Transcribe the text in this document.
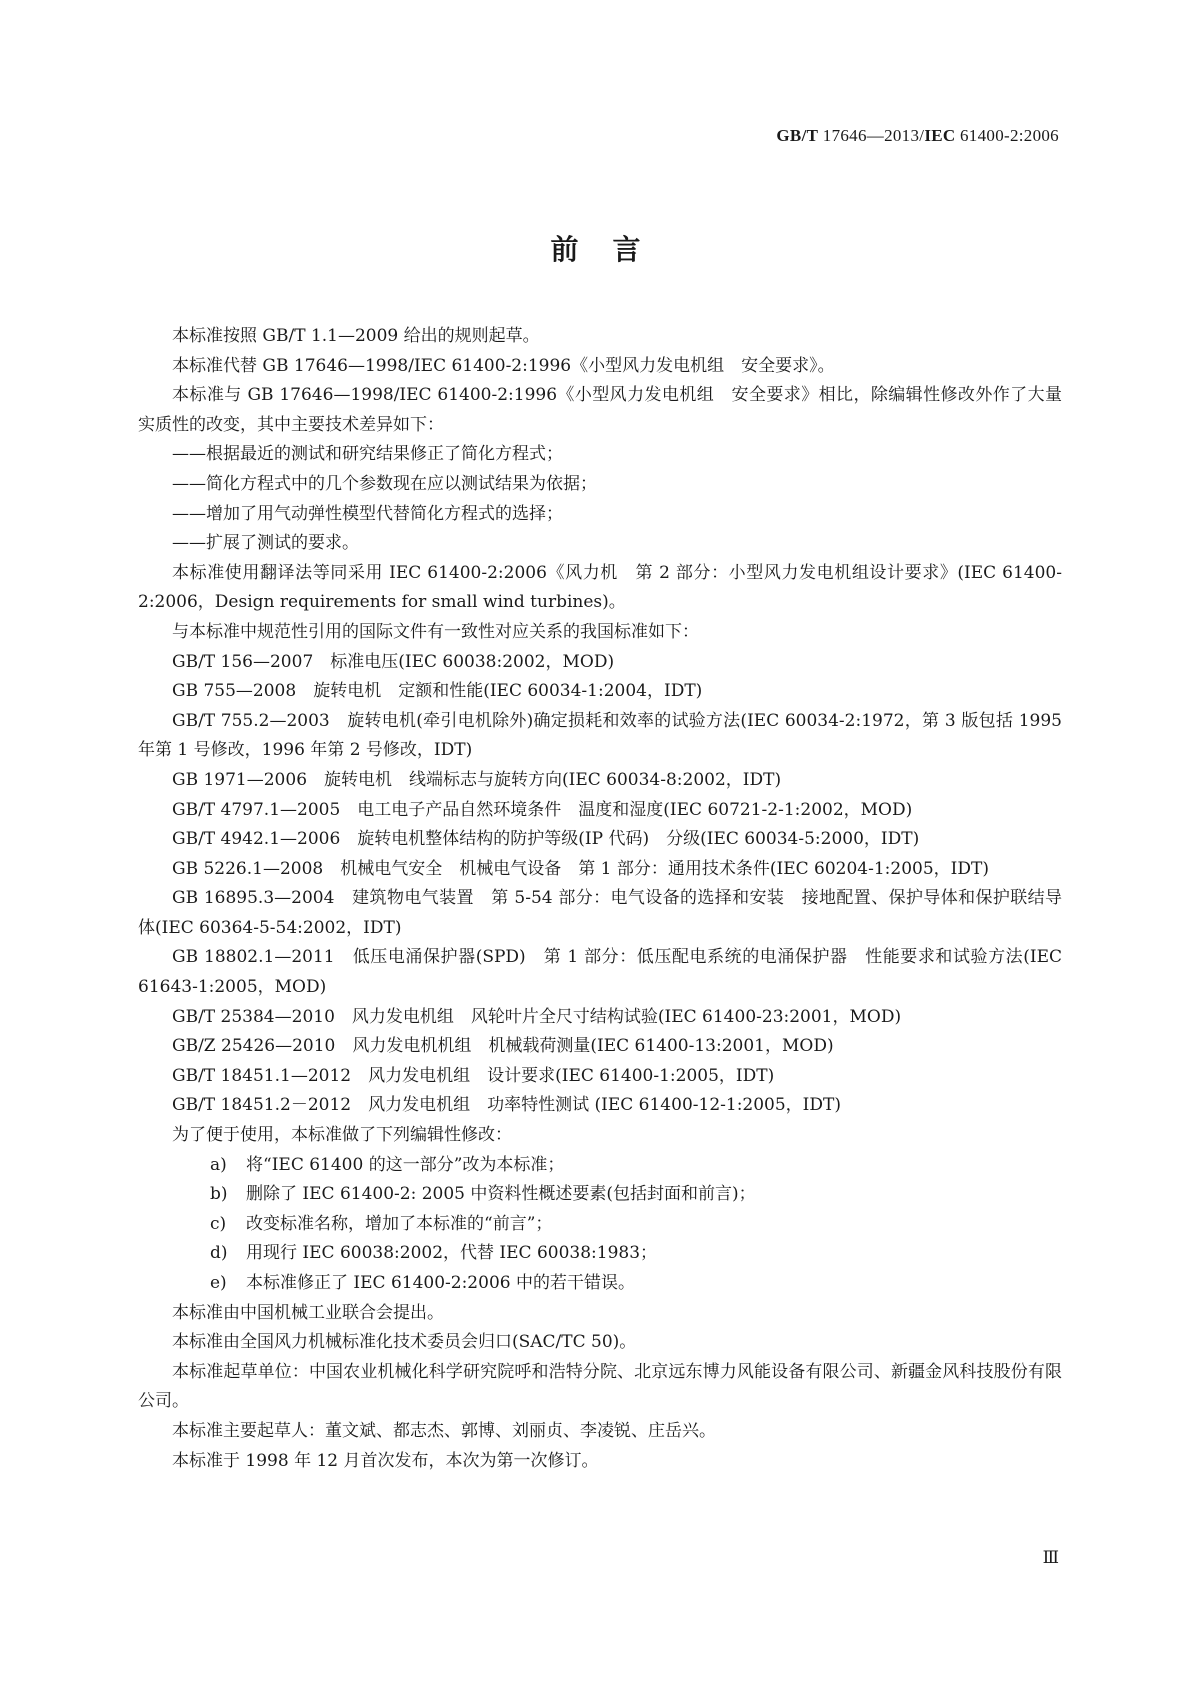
GB/T 17646—2013/IEC 61400-2:2006
前言

本标准按照 GB/T 1.1—2009 给出的规则起草。

本标准代替 GB 17646—1998/IEC 61400-2:1996《小型风力发电机组　安全要求》。

本标准与 GB 17646—1998/IEC 61400-2:1996《小型风力发电机组　安全要求》相比，除编辑性修改外作了大量实质性的改变，其中主要技术差异如下：

——根据最近的测试和研究结果修正了简化方程式；

——简化方程式中的几个参数现在应以测试结果为依据；

——增加了用气动弹性模型代替简化方程式的选择；

——扩展了测试的要求。

本标准使用翻译法等同采用 IEC 61400-2:2006《风力机　第 2 部分：小型风力发电机组设计要求》(IEC 61400-2:2006，Design requirements for small wind turbines)。

与本标准中规范性引用的国际文件有一致性对应关系的我国标准如下：

GB/T 156—2007　标准电压(IEC 60038:2002，MOD)

GB 755—2008　旋转电机　定额和性能(IEC 60034-1:2004，IDT)

GB/T 755.2—2003　旋转电机(牵引电机除外)确定损耗和效率的试验方法(IEC 60034-2:1972，第 3 版包括 1995 年第 1 号修改，1996 年第 2 号修改，IDT)

GB 1971—2006　旋转电机　线端标志与旋转方向(IEC 60034-8:2002，IDT)

GB/T 4797.1—2005　电工电子产品自然环境条件　温度和湿度(IEC 60721-2-1:2002，MOD)

GB/T 4942.1—2006　旋转电机整体结构的防护等级(IP 代码)　分级(IEC 60034-5:2000，IDT)

GB 5226.1—2008　机械电气安全　机械电气设备　第 1 部分：通用技术条件(IEC 60204-1:2005，IDT)

GB 16895.3—2004　建筑物电气装置　第 5-54 部分：电气设备的选择和安装　接地配置、保护导体和保护联结导体(IEC 60364-5-54:2002，IDT)

GB 18802.1—2011　低压电涌保护器(SPD)　第 1 部分：低压配电系统的电涌保护器　性能要求和试验方法(IEC 61643-1:2005，MOD)

GB/T 25384—2010　风力发电机组　风轮叶片全尺寸结构试验(IEC 61400-23:2001，MOD)

GB/Z 25426—2010　风力发电机机组　机械载荷测量(IEC 61400-13:2001，MOD)

GB/T 18451.1—2012　风力发电机组　设计要求(IEC 61400-1:2005，IDT)

GB/T 18451.2－2012　风力发电机组　功率特性测试 (IEC 61400-12-1:2005，IDT)

为了便于使用，本标准做了下列编辑性修改：

a) 将“IEC 61400 的这一部分”改为本标准；

b) 删除了 IEC 61400-2: 2005 中资料性概述要素(包括封面和前言)；

c) 改变标准名称，增加了本标准的“前言”；

d) 用现行 IEC 60038:2002，代替 IEC 60038:1983；

e) 本标准修正了 IEC 61400-2:2006 中的若干错误。

本标准由中国机械工业联合会提出。

本标准由全国风力机械标准化技术委员会归口(SAC/TC 50)。

本标准起草单位：中国农业机械化科学研究院呼和浩特分院、北京远东博力风能设备有限公司、新疆金风科技股份有限公司。

本标准主要起草人：董文斌、都志杰、郭博、刘丽贞、李凌锐、庄岳兴。

本标准于 1998 年 12 月首次发布，本次为第一次修订。

Ⅲ
